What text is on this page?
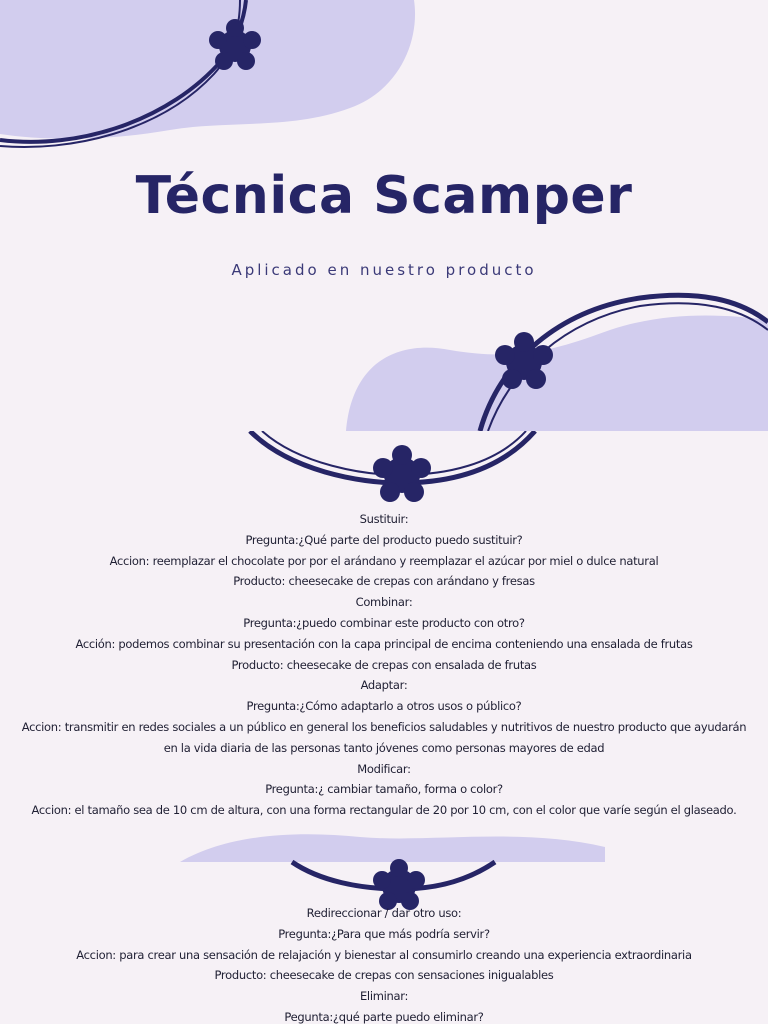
Técnica Scamper
Aplicado en nuestro producto
Sustituir:
Pregunta:¿Qué parte del producto puedo sustituir?
Accion: reemplazar el chocolate por por el arándano y reemplazar el azúcar por miel o dulce natural
Producto: cheesecake de crepas con arándano y fresas
Combinar:
Pregunta:¿puedo combinar este producto con otro?
Acción: podemos combinar su presentación con la capa principal de encima conteniendo una ensalada de frutas
Producto: cheesecake de crepas con ensalada de frutas
Adaptar:
Pregunta:¿Cómo adaptarlo a otros usos o público?
Accion: transmitir en redes sociales a un público en general los beneficios saludables y nutritivos de nuestro producto que ayudarán en la vida diaria de las personas tanto jóvenes como personas mayores de edad
Modificar:
Pregunta:¿ cambiar tamaño, forma o color?
Accion: el tamaño sea de 10 cm de altura, con una forma rectangular de 20 por 10 cm, con el color que varíe según el glaseado.
Redireccionar / dar otro uso:
Pregunta:¿Para que más podría servir?
Accion: para crear una sensación de relajación y bienestar al consumirlo creando una experiencia extraordinaria
Producto: cheesecake de crepas con sensaciones inigualables
Eliminar:
Pegunta:¿qué parte puedo eliminar?
